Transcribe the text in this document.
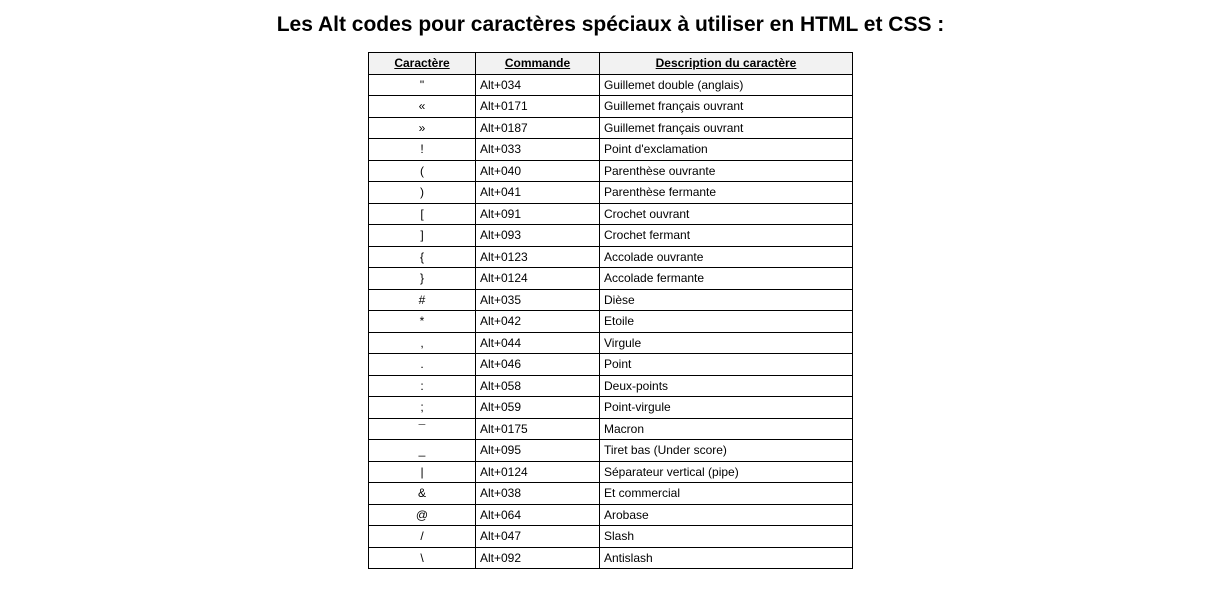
Les Alt codes pour caractères spéciaux à utiliser en HTML et CSS :
Caractère	Commande	Description du caractère
"	Alt+034	Guillemet double (anglais)
«	Alt+0171	Guillemet français ouvrant
»	Alt+0187	Guillemet français ouvrant
!	Alt+033	Point d'exclamation
(	Alt+040	Parenthèse ouvrante
)	Alt+041	Parenthèse fermante
[	Alt+091	Crochet ouvrant
]	Alt+093	Crochet fermant
{	Alt+0123	Accolade ouvrante
}	Alt+0124	Accolade fermante
#	Alt+035	Dièse
*	Alt+042	Etoile
,	Alt+044	Virgule
.	Alt+046	Point
:	Alt+058	Deux-points
;	Alt+059	Point-virgule
¯	Alt+0175	Macron
_	Alt+095	Tiret bas (Under score)
|	Alt+0124	Séparateur vertical (pipe)
&	Alt+038	Et commercial
@	Alt+064	Arobase
/	Alt+047	Slash
\	Alt+092	Antislash
